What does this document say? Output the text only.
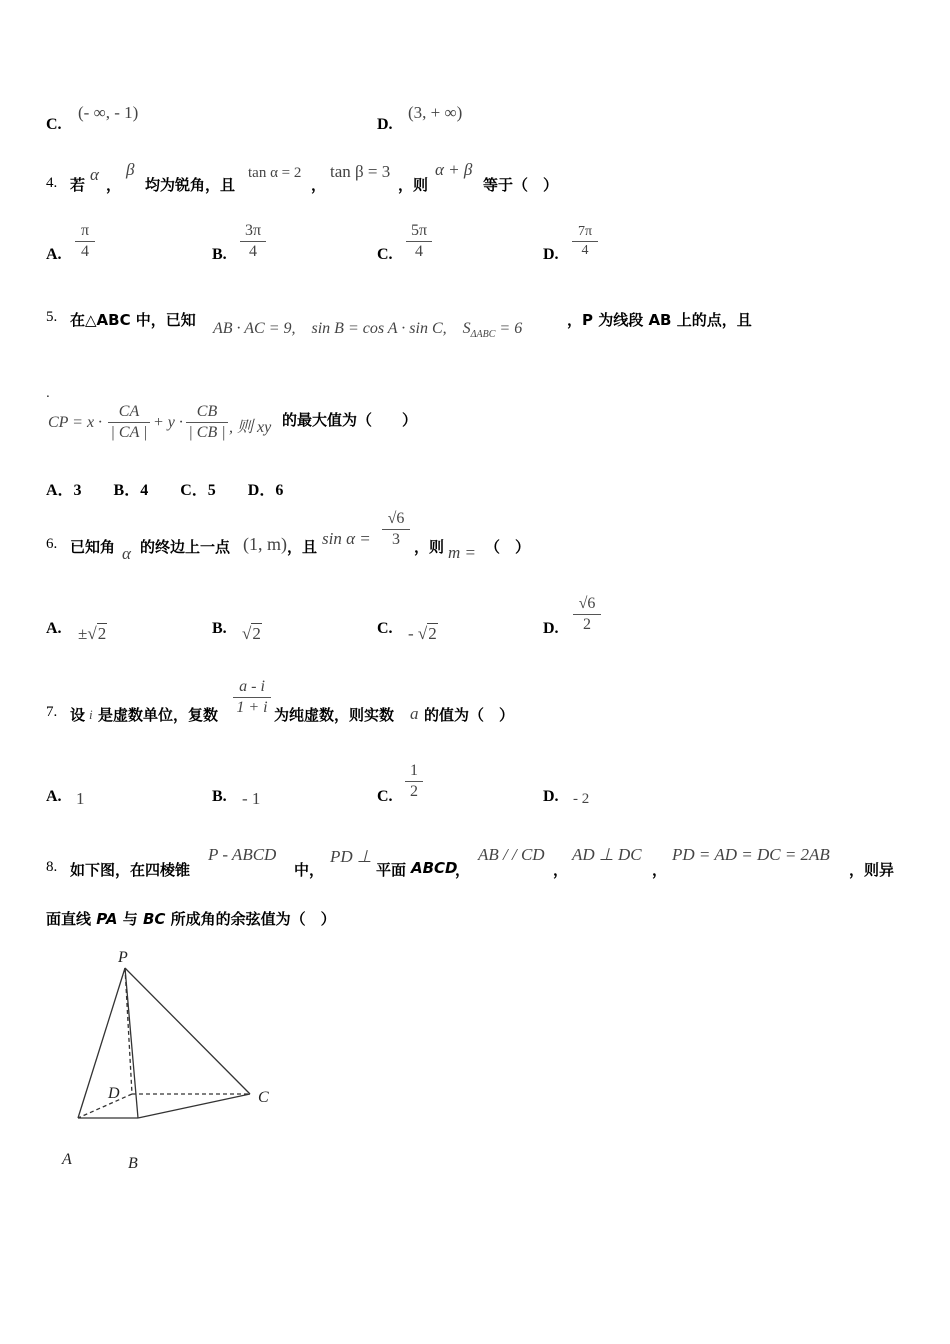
C.
(- ∞, - 1)
D.
(3, + ∞)
4. 若
α
，
β
均为锐角，且
tan α = 2
，
tan β = 3
，则
α + β
等于（　）
A. $\frac{\pi}{4}$	B. $\frac{3\pi}{4}$	C. $\frac{5\pi}{4}$	D. $\frac{7\pi}{4}$
5. 在△ABC 中，已知 AB · AC = 9,　sin B = cos A · sin C,　$S_{\Delta ABC} = 6$	，P 为线段 AB 上的点，且
.
CP = $x \cdot \frac{CA}{| CA |} + y \cdot \frac{CB}{| CB |}$ , 则 xy 的最大值为（　　）
A．3　　B．4　　C．5　　D．6
6. 已知角 α 的终边上一点 (1, m) ，且 $\sin \alpha = \frac{√6}{3}$ ，则 m = （　）
A. ±√2	B. √2	C. - √2	D. $\frac{√6}{2}$
7. 设 i 是虚数单位，复数 $\frac{a - i}{1 + i}$ 为纯虚数，则实数 a 的值为（　）
A. 1	B. - 1	C. $\frac{1}{2}$	D. - 2
8. 如下图，在四棱锥
P - ABCD
中，
PD ⊥
平面 ABCD
，
AB / / CD
，
AD ⊥ DC
，
PD = AD = DC = 2AB
，则异
面直线 PA 与 BC 所成角的余弦值为（　）
P
D	C
A	B
